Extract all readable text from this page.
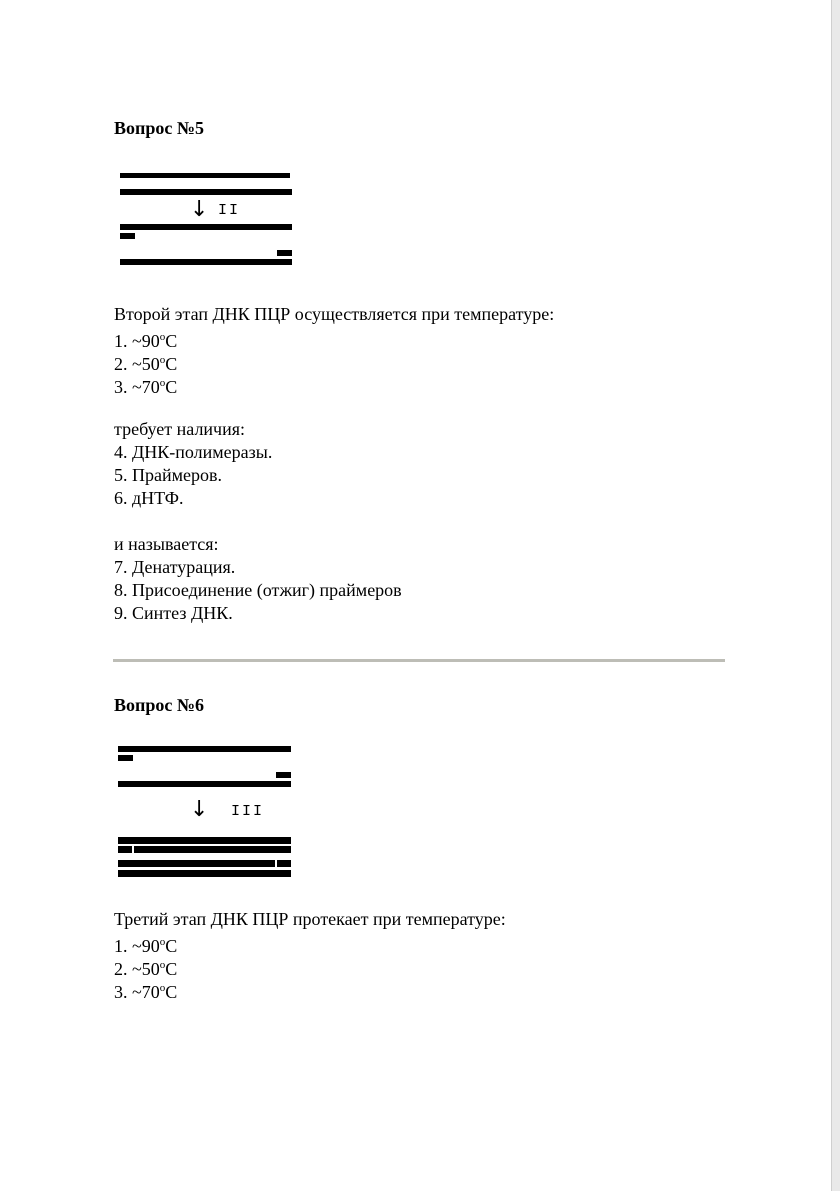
Вопрос №5
↓ II
Второй этап ДНК ПЦР осуществляется при температуре:
1. ~90$^o$C
2. ~50$^o$C
3. ~70$^o$C
требует наличия:
4. ДНК-полимеразы.
5. Праймеров.
6. дНТФ.
и называется:
7. Денатурация.
8. Присоединение (отжиг) праймеров
9. Синтез ДНК.
Вопрос №6
↓ III
Третий этап ДНК ПЦР протекает при температуре:
1. ~90$^o$C
2. ~50$^o$C
3. ~70$^o$C
